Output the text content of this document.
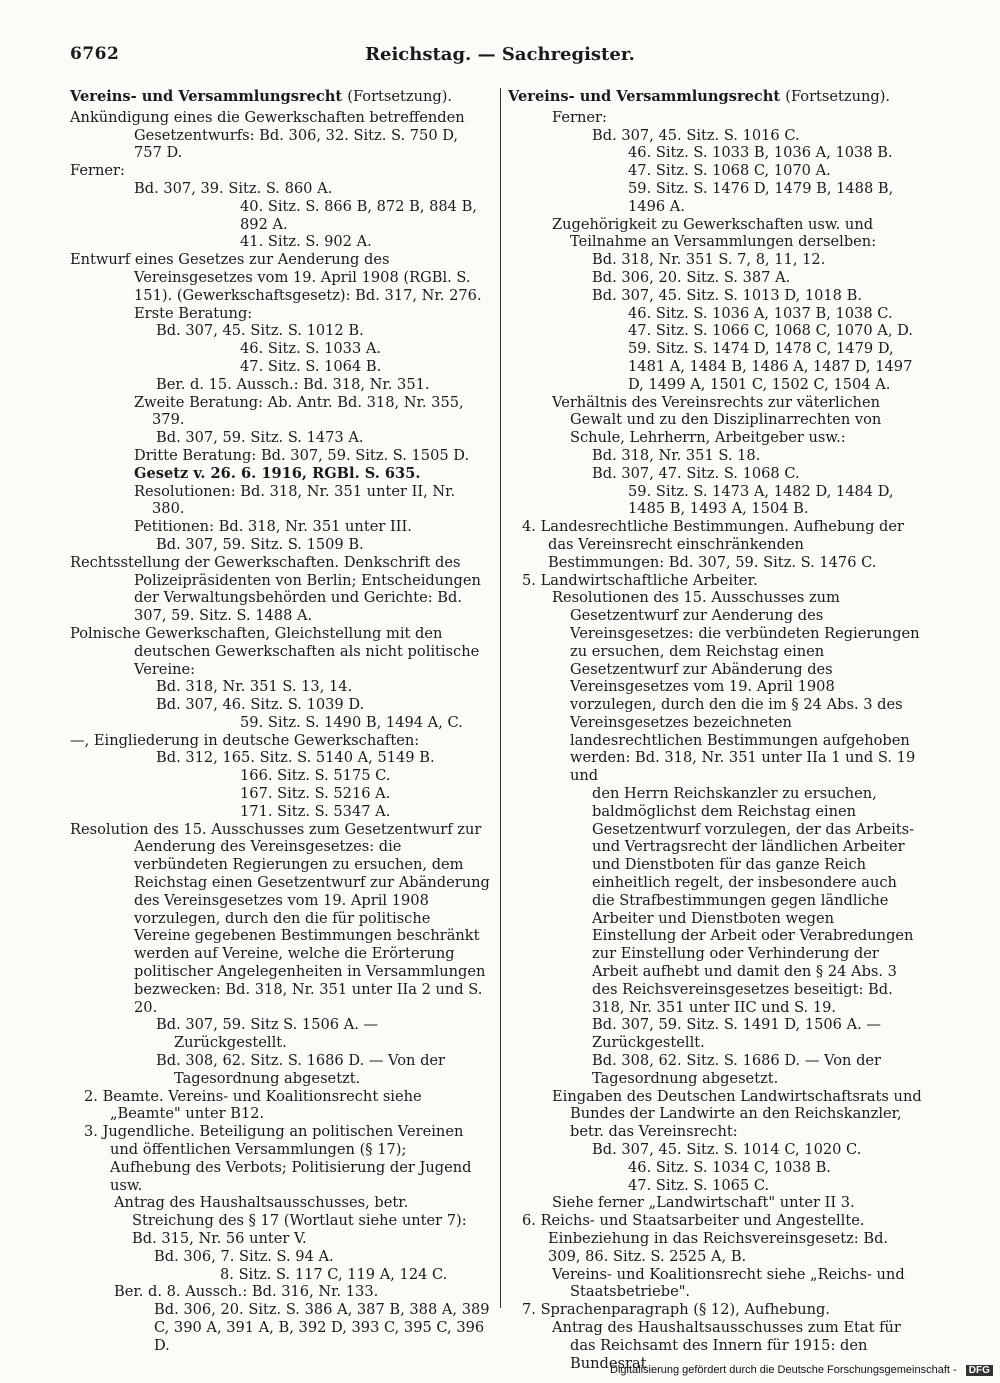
6762	Reichstag. — Sachregister.

Vereins- und Versammlungsrecht (Fortsetzung).

Ankündigung eines die Gewerkschaften betreffenden Gesetzentwurfs: Bd. 306, 32. Sitz. S. 750 D, 757 D.

Ferner:

Bd. 307, 39. Sitz. S. 860 A.

40. Sitz. S. 866 B, 872 B, 884 B, 892 A.

41. Sitz. S. 902 A.

Entwurf eines Gesetzes zur Aenderung des Vereinsgesetzes vom 19. April 1908 (RGBl. S. 151). (Gewerkschaftsgesetz): Bd. 317, Nr. 276.

Erste Beratung:

Bd. 307, 45. Sitz. S. 1012 B.

46. Sitz. S. 1033 A.

47. Sitz. S. 1064 B.

Ber. d. 15. Aussch.: Bd. 318, Nr. 351.

Zweite Beratung: Ab. Antr. Bd. 318, Nr. 355, 379.

Bd. 307, 59. Sitz. S. 1473 A.

Dritte Beratung: Bd. 307, 59. Sitz. S. 1505 D.

Gesetz v. 26. 6. 1916, RGBl. S. 635.

Resolutionen: Bd. 318, Nr. 351 unter II, Nr. 380.

Petitionen: Bd. 318, Nr. 351 unter III.

Bd. 307, 59. Sitz. S. 1509 B.

Rechtsstellung der Gewerkschaften. Denkschrift des Polizeipräsidenten von Berlin; Entscheidungen der Verwaltungsbehörden und Gerichte: Bd. 307, 59. Sitz. S. 1488 A.

Polnische Gewerkschaften, Gleichstellung mit den deutschen Gewerkschaften als nicht politische Vereine:

Bd. 318, Nr. 351 S. 13, 14.

Bd. 307, 46. Sitz. S. 1039 D.

59. Sitz. S. 1490 B, 1494 A, C.

—, Eingliederung in deutsche Gewerkschaften:

Bd. 312, 165. Sitz. S. 5140 A, 5149 B.

166. Sitz. S. 5175 C.

167. Sitz. S. 5216 A.

171. Sitz. S. 5347 A.

Resolution des 15. Ausschusses zum Gesetzentwurf zur Aenderung des Vereinsgesetzes: die verbündeten Regierungen zu ersuchen, dem Reichstag einen Gesetzentwurf zur Abänderung des Vereinsgesetzes vom 19. April 1908 vorzulegen, durch den die für politische Vereine gegebenen Bestimmungen beschränkt werden auf Vereine, welche die Erörterung politischer Angelegenheiten in Versammlungen bezwecken: Bd. 318, Nr. 351 unter IIa 2 und S. 20.

Bd. 307, 59. Sitz S. 1506 A. — Zurückgestellt.

Bd. 308, 62. Sitz. S. 1686 D. — Von der Tagesordnung abgesetzt.

2. Beamte. Vereins- und Koalitionsrecht siehe „Beamte" unter B12.

3. Jugendliche. Beteiligung an politischen Vereinen und öffentlichen Versammlungen (§ 17); Aufhebung des Verbots; Politisierung der Jugend usw.

Antrag des Haushaltsausschusses, betr. Streichung des § 17 (Wortlaut siehe unter 7): Bd. 315, Nr. 56 unter V.

Bd. 306, 7. Sitz. S. 94 A.

8. Sitz. S. 117 C, 119 A, 124 C.

Ber. d. 8. Aussch.: Bd. 316, Nr. 133.

Bd. 306, 20. Sitz. S. 386 A, 387 B, 388 A, 389 C, 390 A, 391 A, B, 392 D, 393 C, 395 C, 396 D.

Vereins- und Versammlungsrecht (Fortsetzung).

Ferner:

Bd. 307, 45. Sitz. S. 1016 C.

46. Sitz. S. 1033 B, 1036 A, 1038 B.

47. Sitz. S. 1068 C, 1070 A.

59. Sitz. S. 1476 D, 1479 B, 1488 B, 1496 A.

Zugehörigkeit zu Gewerkschaften usw. und Teilnahme an Versammlungen derselben:

Bd. 318, Nr. 351 S. 7, 8, 11, 12.

Bd. 306, 20. Sitz. S. 387 A.

Bd. 307, 45. Sitz. S. 1013 D, 1018 B.

46. Sitz. S. 1036 A, 1037 B, 1038 C.

47. Sitz. S. 1066 C, 1068 C, 1070 A, D.

59. Sitz. S. 1474 D, 1478 C, 1479 D, 1481 A, 1484 B, 1486 A, 1487 D, 1497 D, 1499 A, 1501 C, 1502 C, 1504 A.

Verhältnis des Vereinsrechts zur väterlichen Gewalt und zu den Disziplinarrechten von Schule, Lehrherrn, Arbeitgeber usw.:

Bd. 318, Nr. 351 S. 18.

Bd. 307, 47. Sitz. S. 1068 C.

59. Sitz. S. 1473 A, 1482 D, 1484 D, 1485 B, 1493 A, 1504 B.

4. Landesrechtliche Bestimmungen. Aufhebung der das Vereinsrecht einschränkenden Bestimmungen: Bd. 307, 59. Sitz. S. 1476 C.

5. Landwirtschaftliche Arbeiter.

Resolutionen des 15. Ausschusses zum Gesetzentwurf zur Aenderung des Vereinsgesetzes: die verbündeten Regierungen zu ersuchen, dem Reichstag einen Gesetzentwurf zur Abänderung des Vereinsgesetzes vom 19. April 1908 vorzulegen, durch den die im § 24 Abs. 3 des Vereinsgesetzes bezeichneten landesrechtlichen Bestimmungen aufgehoben werden: Bd. 318, Nr. 351 unter IIa 1 und S. 19 und

den Herrn Reichskanzler zu ersuchen, baldmöglichst dem Reichstag einen Gesetzentwurf vorzulegen, der das Arbeits- und Vertragsrecht der ländlichen Arbeiter und Dienstboten für das ganze Reich einheitlich regelt, der insbesondere auch die Strafbestimmungen gegen ländliche Arbeiter und Dienstboten wegen Einstellung der Arbeit oder Verabredungen zur Einstellung oder Verhinderung der Arbeit aufhebt und damit den § 24 Abs. 3 des Reichsvereinsgesetzes beseitigt: Bd. 318, Nr. 351 unter IIC und S. 19.

Bd. 307, 59. Sitz. S. 1491 D, 1506 A. — Zurückgestellt.

Bd. 308, 62. Sitz. S. 1686 D. — Von der Tagesordnung abgesetzt.

Eingaben des Deutschen Landwirtschaftsrats und Bundes der Landwirte an den Reichskanzler, betr. das Vereinsrecht:

Bd. 307, 45. Sitz. S. 1014 C, 1020 C.

46. Sitz. S. 1034 C, 1038 B.

47. Sitz. S. 1065 C.

Siehe ferner „Landwirtschaft" unter II 3.

6. Reichs- und Staatsarbeiter und Angestellte. Einbeziehung in das Reichsvereinsgesetz: Bd. 309, 86. Sitz. S. 2525 A, B.

Vereins- und Koalitionsrecht siehe „Reichs- und Staatsbetriebe".

7. Sprachenparagraph (§ 12), Aufhebung.

Antrag des Haushaltsausschusses zum Etat für das Reichsamt des Innern für 1915: den Bundesrat

Digitalisierung gefördert durch die Deutsche Forschungsgemeinschaft - DFG
